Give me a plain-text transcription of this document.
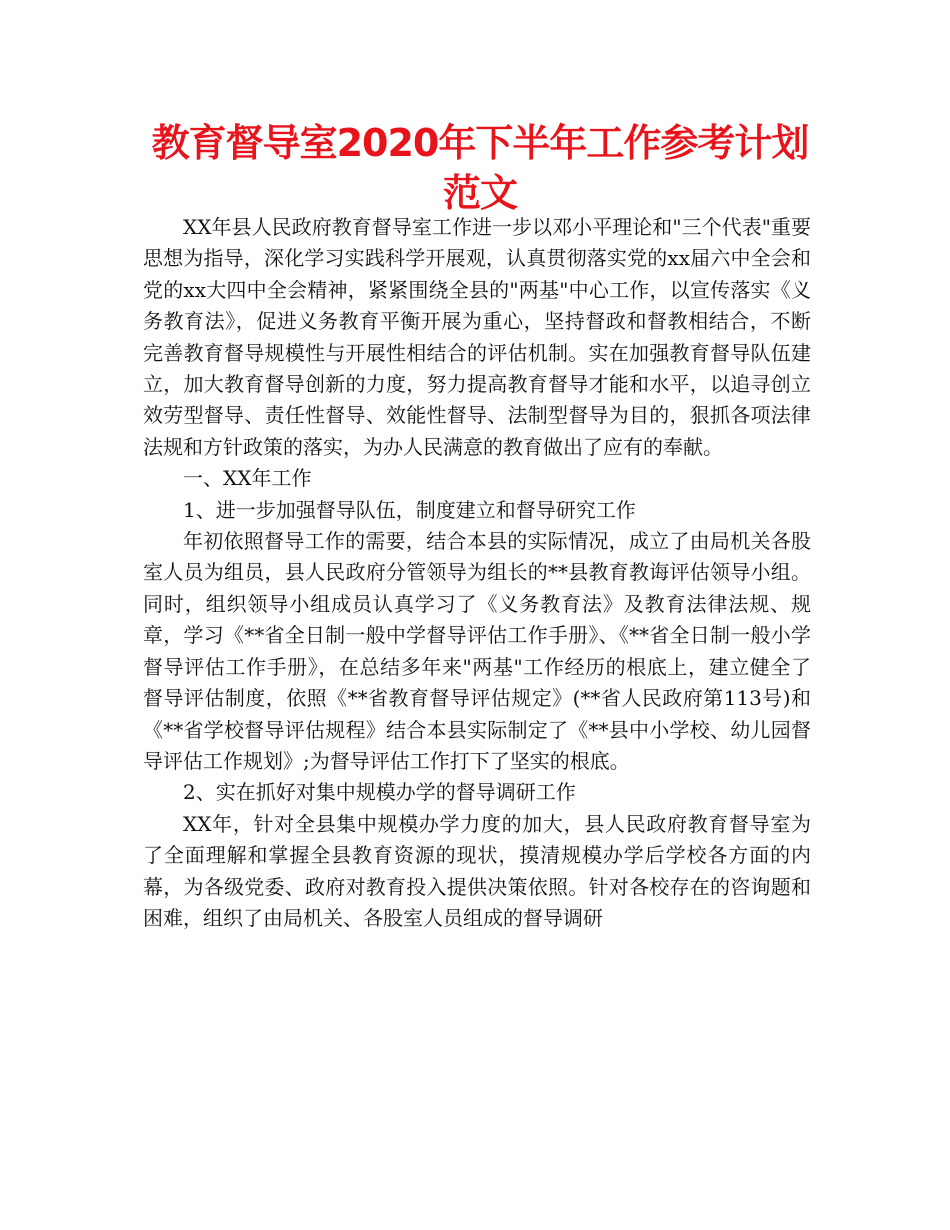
教育督导室2020年下半年工作参考计划范文

XX年县人民政府教育督导室工作进一步以邓小平理论和"三个代表"重要思想为指导，深化学习实践科学开展观，认真贯彻落实党的xx届六中全会和党的xx大四中全会精神，紧紧围绕全县的"两基"中心工作，以宣传落实《义务教育法》，促进义务教育平衡开展为重心，坚持督政和督教相结合，不断完善教育督导规模性与开展性相结合的评估机制。实在加强教育督导队伍建立，加大教育督导创新的力度，努力提高教育督导才能和水平，以追寻创立效劳型督导、责任性督导、效能性督导、法制型督导为目的，狠抓各项法律法规和方针政策的落实，为办人民满意的教育做出了应有的奉献。

一、XX年工作

1、进一步加强督导队伍，制度建立和督导研究工作

年初依照督导工作的需要，结合本县的实际情况，成立了由局机关各股室人员为组员，县人民政府分管领导为组长的**县教育教诲评估领导小组。同时，组织领导小组成员认真学习了《义务教育法》及教育法律法规、规章，学习《**省全日制一般中学督导评估工作手册》、《**省全日制一般小学督导评估工作手册》，在总结多年来"两基"工作经历的根底上，建立健全了督导评估制度，依照《**省教育督导评估规定》(**省人民政府第113号)和《**省学校督导评估规程》结合本县实际制定了《**县中小学校、幼儿园督导评估工作规划》;为督导评估工作打下了坚实的根底。

2、实在抓好对集中规模办学的督导调研工作

XX年，针对全县集中规模办学力度的加大，县人民政府教育督导室为了全面理解和掌握全县教育资源的现状，摸清规模办学后学校各方面的内幕，为各级党委、政府对教育投入提供决策依照。针对各校存在的咨询题和困难，组织了由局机关、各股室人员组成的督导调研
